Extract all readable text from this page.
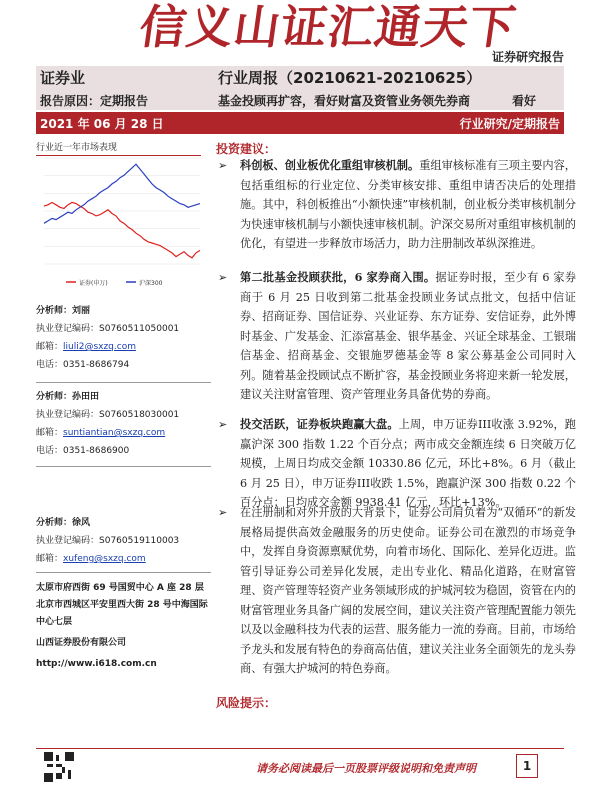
信义山证汇通天下
证券研究报告
证券业	行业周报（20210621-20210625）
报告原因：定期报告	基金投顾再扩容，看好财富及资管业务领先券商	看好
2021 年 06 月 28 日	行业研究/定期报告
行业近一年市场表现
证券(申万)	沪深300
分析师：刘丽
执业登记编码：S0760511050001
邮箱：liuli2@sxzq.com
电话：0351-8686794
分析师：孙田田
执业登记编码：S0760518030001
邮箱：suntiantian@sxzq.com
电话：0351-8686900
分析师：徐风
执业登记编码：S0760519110003
邮箱：xufeng@sxzq.com
太原市府西街 69 号国贸中心 A 座 28 层
北京市西城区平安里西大街 28 号中海国际中心七层
山西证券股份有限公司
http://www.i618.com.cn
投资建议：
➢	科创板、创业板优化重组审核机制。重组审核标准有三项主要内容，包括重组标的行业定位、分类审核安排、重组申请否决后的处理措施。其中，科创板推出“小额快速”审核机制，创业板分类审核机制分为快速审核机制与小额快速审核机制。沪深交易所对重组审核机制的优化，有望进一步释放市场活力，助力注册制改革纵深推进。
➢	第二批基金投顾获批，6 家券商入围。据证券时报，至少有 6 家券商于 6 月 25 日收到第二批基金投顾业务试点批文，包括中信证券、招商证券、国信证券、兴业证券、东方证券、安信证券，此外博时基金、广发基金、汇添富基金、银华基金、兴证全球基金、工银瑞信基金、招商基金、交银施罗德基金等 8 家公募基金公司同时入列。随着基金投顾试点不断扩容，基金投顾业务将迎来新一轮发展，建议关注财富管理、资产管理业务具备优势的券商。
➢	投交活跃，证券板块跑赢大盘。上周，申万证券III收涨 3.92%，跑赢沪深 300 指数 1.22 个百分点；两市成交金额连续 6 日突破万亿规模，上周日均成交金额 10330.86 亿元，环比+8%。6 月（截止 6 月 25 日），申万证券III收跌 1.5%，跑赢沪深 300 指数 0.22 个百分点；日均成交金额 9938.41 亿元，环比+13%。
➢	在注册制和对外开放的大背景下，证券公司肩负着为“双循环”的新发展格局提供高效金融服务的历史使命。证券公司在激烈的市场竞争中，发挥自身资源禀赋优势，向着市场化、国际化、差异化迈进。监管引导证券公司差异化发展，走出专业化、精品化道路，在财富管理、资产管理等轻资产业务领域形成的护城河较为稳固，资管在内的财富管理业务具备广阔的发展空间，建议关注资产管理配置能力领先以及以金融科技为代表的运营、服务能力一流的券商。目前，市场给予龙头和发展有特色的券商高估值，建议关注业务全面领先的龙头券商、有强大护城河的特色券商。
风险提示：
请务必阅读最后一页股票评级说明和免责声明	1
